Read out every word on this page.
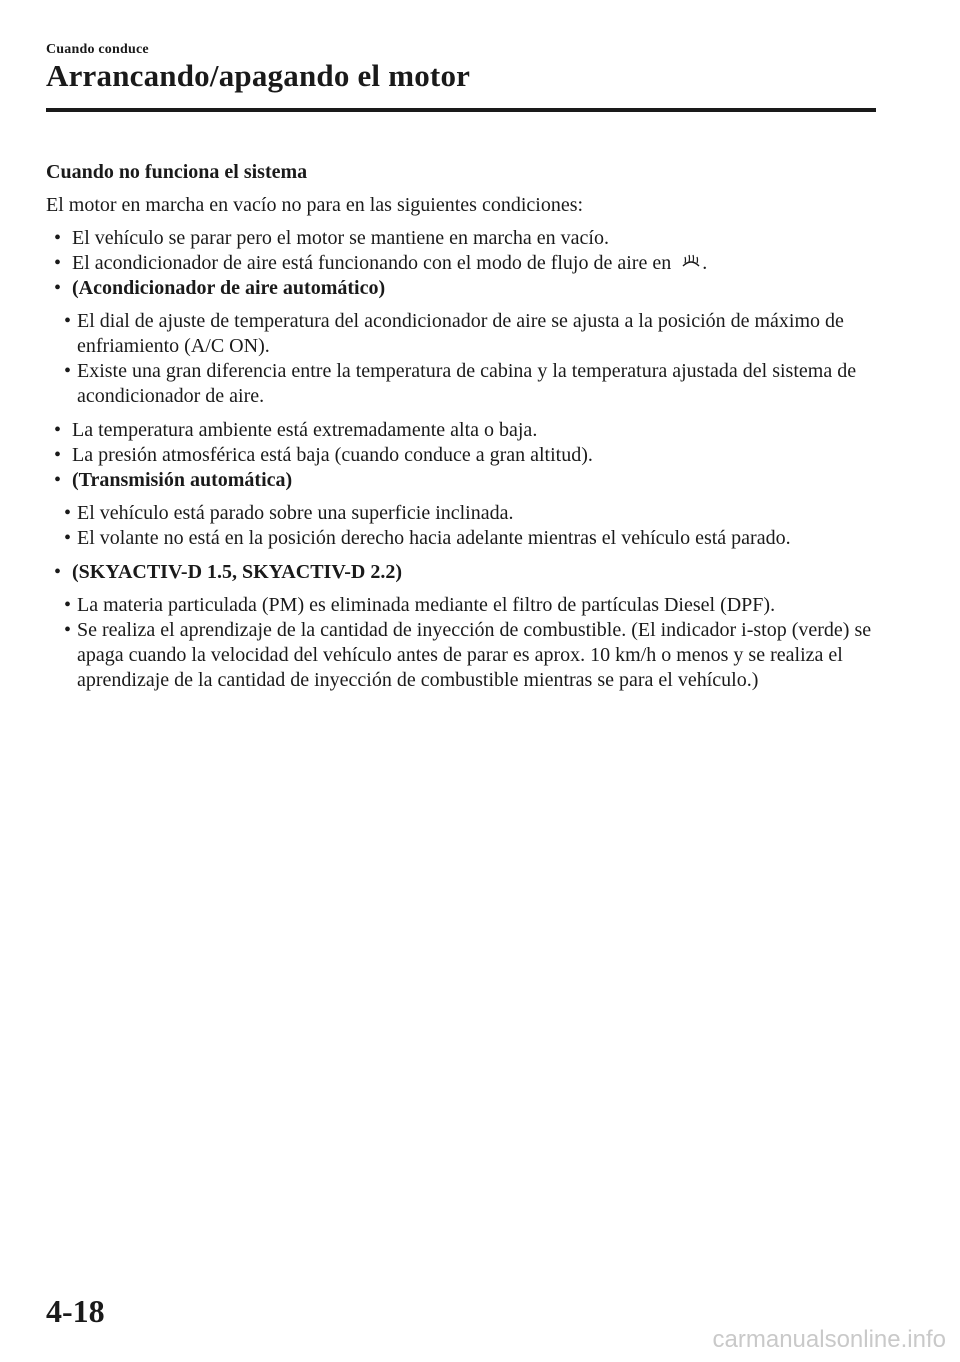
Cuando conduce
Arrancando/apagando el motor
Cuando no funciona el sistema
El motor en marcha en vacío no para en las siguientes condiciones:
• El vehículo se parar pero el motor se mantiene en marcha en vacío.
• El acondicionador de aire está funcionando con el modo de flujo de aire en .
• (Acondicionador de aire automático)
• El dial de ajuste de temperatura del acondicionador de aire se ajusta a la posición de máximo de enfriamiento (A/C ON).
• Existe una gran diferencia entre la temperatura de cabina y la temperatura ajustada del sistema de acondicionador de aire.
• La temperatura ambiente está extremadamente alta o baja.
• La presión atmosférica está baja (cuando conduce a gran altitud).
• (Transmisión automática)
• El vehículo está parado sobre una superficie inclinada.
• El volante no está en la posición derecho hacia adelante mientras el vehículo está parado.
• (SKYACTIV-D 1.5, SKYACTIV-D 2.2)
• La materia particulada (PM) es eliminada mediante el filtro de partículas Diesel (DPF).
• Se realiza el aprendizaje de la cantidad de inyección de combustible. (El indicador i-stop (verde) se apaga cuando la velocidad del vehículo antes de parar es aprox. 10 km/h o menos y se realiza el aprendizaje de la cantidad de inyección de combustible mientras se para el vehículo.)
4-18
carmanualsonline.info
